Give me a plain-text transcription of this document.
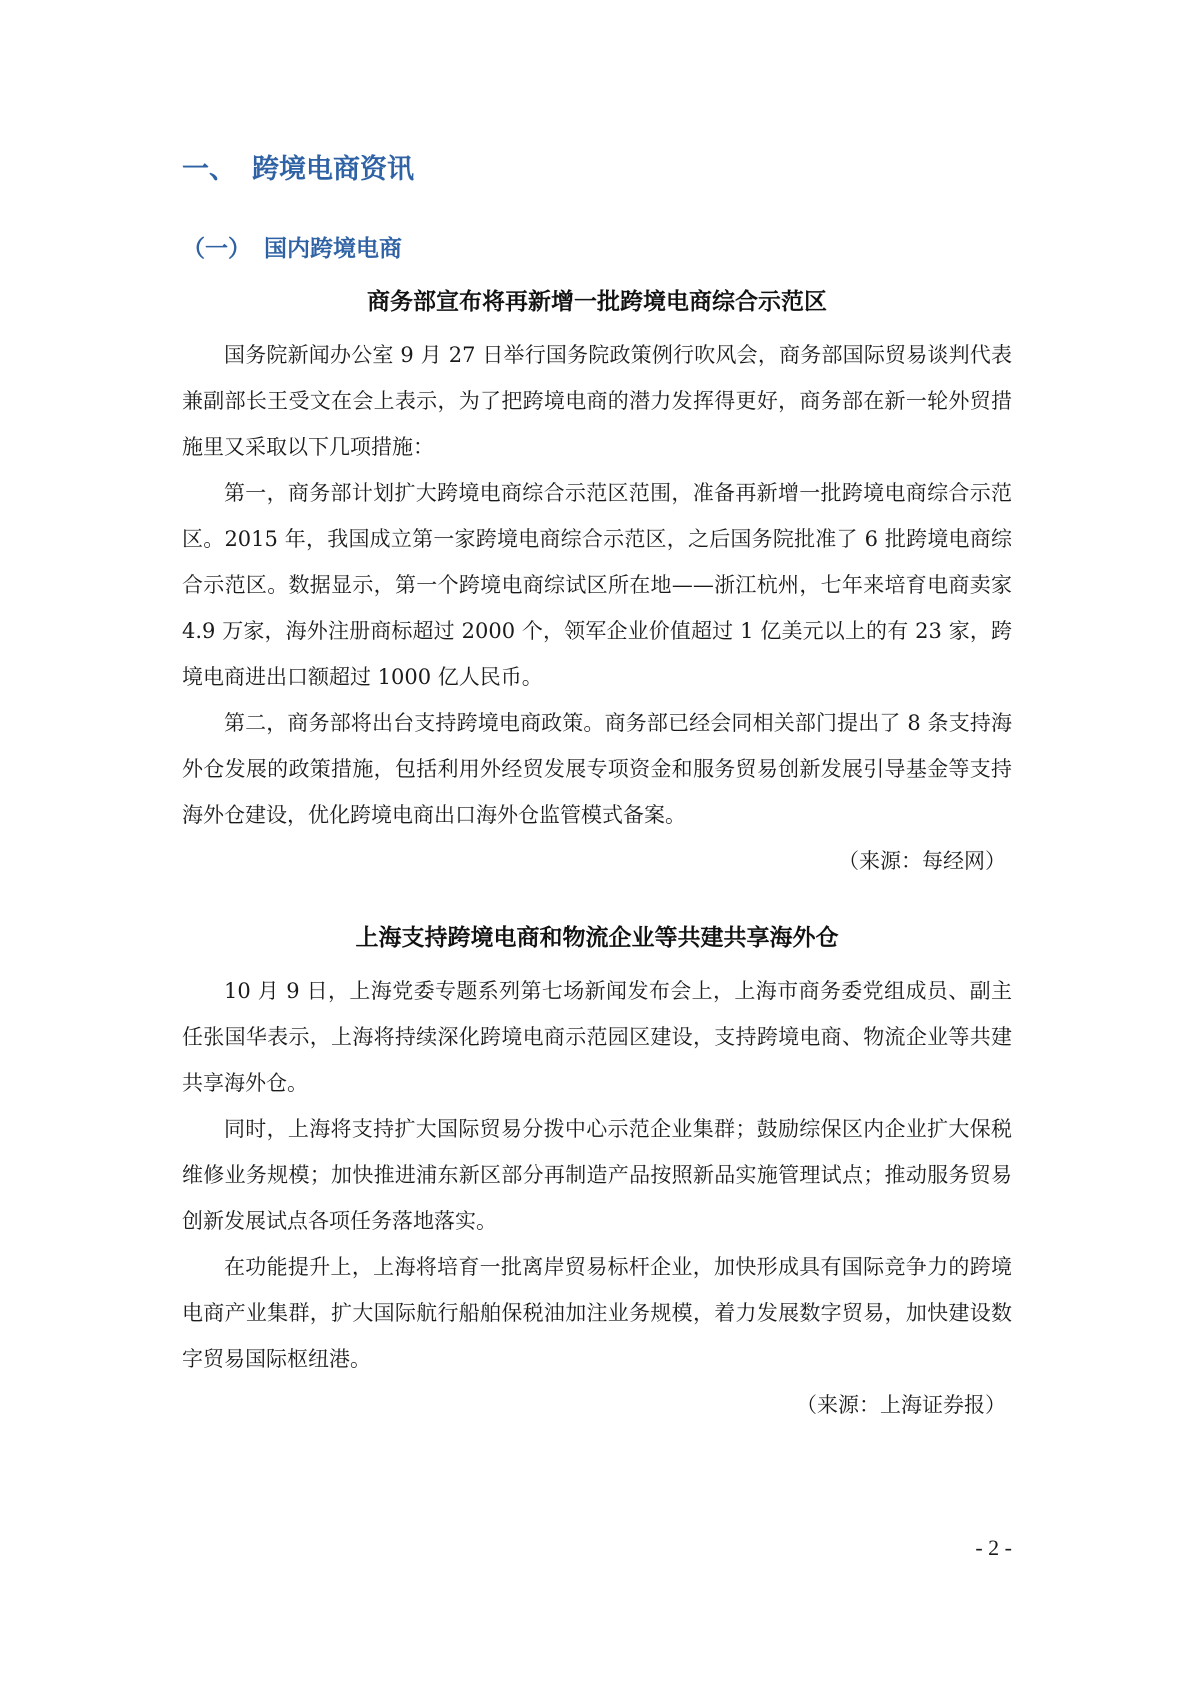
一、 跨境电商资讯
（一） 国内跨境电商
商务部宣布将再新增一批跨境电商综合示范区

国务院新闻办公室 9 月 27 日举行国务院政策例行吹风会，商务部国际贸易谈判代表兼副部长王受文在会上表示，为了把跨境电商的潜力发挥得更好，商务部在新一轮外贸措施里又采取以下几项措施：

第一，商务部计划扩大跨境电商综合示范区范围，准备再新增一批跨境电商综合示范区。2015 年，我国成立第一家跨境电商综合示范区，之后国务院批准了 6 批跨境电商综合示范区。数据显示，第一个跨境电商综试区所在地——浙江杭州，七年来培育电商卖家 4.9 万家，海外注册商标超过 2000 个，领军企业价值超过 1 亿美元以上的有 23 家，跨境电商进出口额超过 1000 亿人民币。

第二，商务部将出台支持跨境电商政策。商务部已经会同相关部门提出了 8 条支持海外仓发展的政策措施，包括利用外经贸发展专项资金和服务贸易创新发展引导基金等支持海外仓建设，优化跨境电商出口海外仓监管模式备案。

（来源：每经网）

上海支持跨境电商和物流企业等共建共享海外仓

10 月 9 日，上海党委专题系列第七场新闻发布会上，上海市商务委党组成员、副主任张国华表示，上海将持续深化跨境电商示范园区建设，支持跨境电商、物流企业等共建共享海外仓。

同时，上海将支持扩大国际贸易分拨中心示范企业集群；鼓励综保区内企业扩大保税维修业务规模；加快推进浦东新区部分再制造产品按照新品实施管理试点；推动服务贸易创新发展试点各项任务落地落实。

在功能提升上，上海将培育一批离岸贸易标杆企业，加快形成具有国际竞争力的跨境电商产业集群，扩大国际航行船舶保税油加注业务规模，着力发展数字贸易，加快建设数字贸易国际枢纽港。

（来源：上海证券报）

- 2 -
